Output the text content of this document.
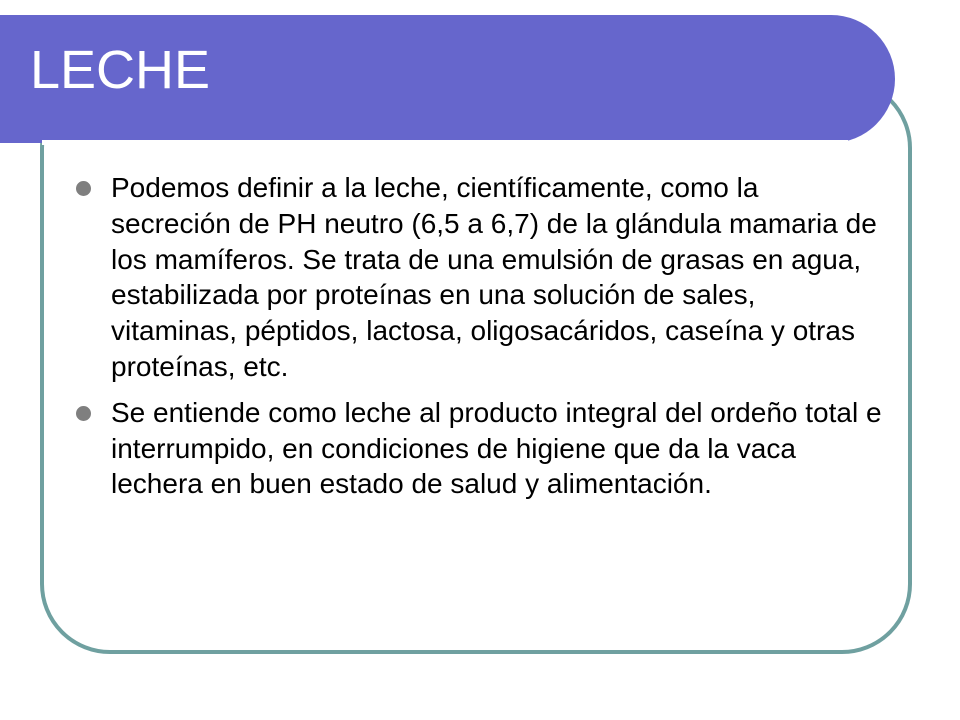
LECHE
Podemos definir a la leche, científicamente, como la secreción de PH neutro (6,5 a 6,7) de la glándula mamaria de los mamíferos. Se trata de una emulsión de grasas en agua, estabilizada por proteínas en una solución de sales, vitaminas, péptidos, lactosa, oligosacáridos, caseína y otras proteínas, etc.
Se entiende como leche al producto integral del ordeño total e interrumpido, en condiciones de higiene que da la vaca lechera en buen estado de salud y alimentación.
